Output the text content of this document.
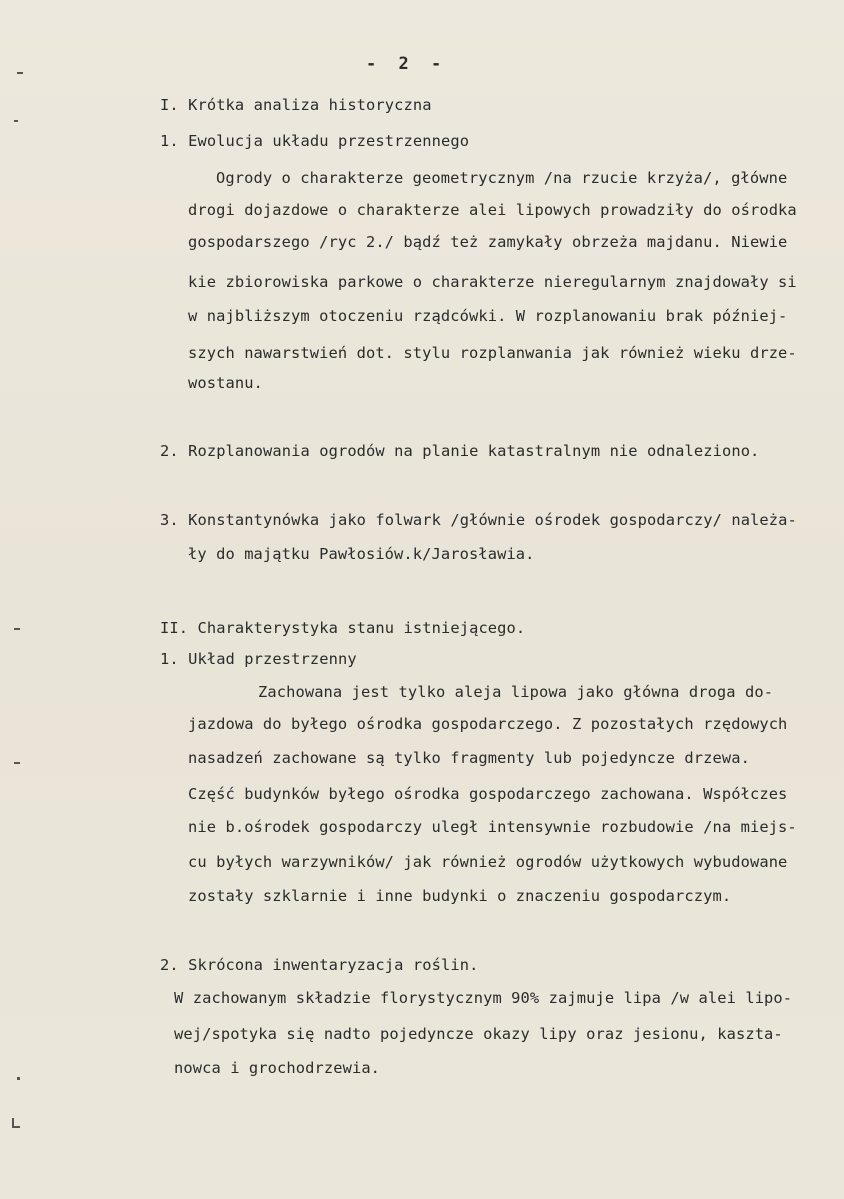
- 2 -
I. Krótka analiza historyczna
1. Ewolucja układu przestrzennego
Ogrody o charakterze geometrycznym /na rzucie krzyża/, główne
drogi dojazdowe o charakterze alei lipowych prowadziły do ośrodka
gospodarszego /ryc 2./ bądź też zamykały obrzeża majdanu. Niewie
kie zbiorowiska parkowe o charakterze nieregularnym znajdowały si
w najbliższym otoczeniu rządcówki. W rozplanowaniu brak później-
szych nawarstwień dot. stylu rozplanwania jak również wieku drze-
wostanu.
2. Rozplanowania ogrodów na planie katastralnym nie odnaleziono.
3. Konstantynówka jako folwark /głównie ośrodek gospodarczy/ należa-
ły do majątku Pawłosiów.k/Jarosławia.
II. Charakterystyka stanu istniejącego.
1. Układ przestrzenny
Zachowana jest tylko aleja lipowa jako główna droga do-
jazdowa do byłego ośrodka gospodarczego. Z pozostałych rzędowych
nasadzeń zachowane są tylko fragmenty lub pojedyncze drzewa.
Część budynków byłego ośrodka gospodarczego zachowana. Współczes
nie b.ośrodek gospodarczy uległ intensywnie rozbudowie /na miejs-
cu byłych warzywników/ jak również ogrodów użytkowych wybudowane
zostały szklarnie i inne budynki o znaczeniu gospodarczym.
2. Skrócona inwentaryzacja roślin.
W zachowanym składzie florystycznym 90% zajmuje lipa /w alei lipo-
wej/spotyka się nadto pojedyncze okazy lipy oraz jesionu, kaszta-
nowca i grochodrzewia.
